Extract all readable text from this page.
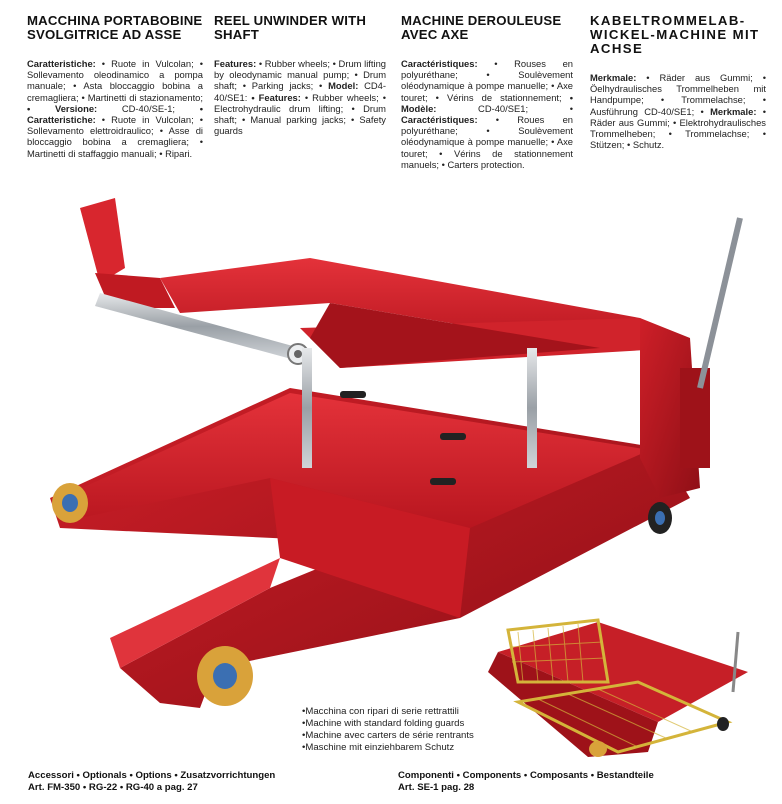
MACCHINA PORTABOBINE SVOLGITRICE AD ASSE

Caratteristiche: • Ruote in Vulcolan; • Sollevamento oleodinamico a pompa manuale; • Asta bloccaggio bobina a cremagliera; • Martinetti di stazionamento; • Versione: CD-40/SE-1; • Caratteristiche: • Ruote in Vulcolan; • Sollevamento elettroidraulico; • Asse di bloccaggio bobina a cremagliera; • Martinetti di staffaggio manuali; • Ripari.

REEL UNWINDER WITH SHAFT

Features: • Rubber wheels; • Drum lifting by oleodynamic manual pump; • Drum shaft; • Parking jacks; • Model: CD4-40/SE1: • Features: • Rubber wheels; • Electrohydraulic drum lifting; • Drum shaft; • Manual parking jacks; • Safety guards

MACHINE DEROULEUSE AVEC AXE

Caractéristiques: • Rouses en polyuréthane; • Soulèvement oléodynamique à pompe manuelle; • Axe touret; • Vérins de stationnement; • Modèle: CD-40/SE1; • Caractéristiques: • Roues en polyuréthane; • Soulèvement oléodynamique à pompe manuelle; • Axe touret; • Vérins de stationnement manuels; • Carters protection.

KABELTROMMELAB-WICKEL-MACHINE MIT ACHSE

Merkmale: • Räder aus Gummi; • Öelhydraulisches Trommelheben mit Handpumpe; • Trommelachse; • Ausführung CD-40/SE1; • Merkmale: • Räder aus Gummi; • Elektrohydraulisches Trommelheben; • Trommelachse; • Stützen; • Schutz.

•Macchina con ripari di serie rettrattili
•Machine with standard folding guards
•Machine avec carters de série rentrants
•Maschine mit einziehbarem Schutz
Accessori • Optionals • Options • Zusatzvorrichtungen
Art. FM-350 • RG-22 • RG-40 a pag. 27
Componenti • Components • Composants • Bestandteile
Art. SE-1 pag. 28
